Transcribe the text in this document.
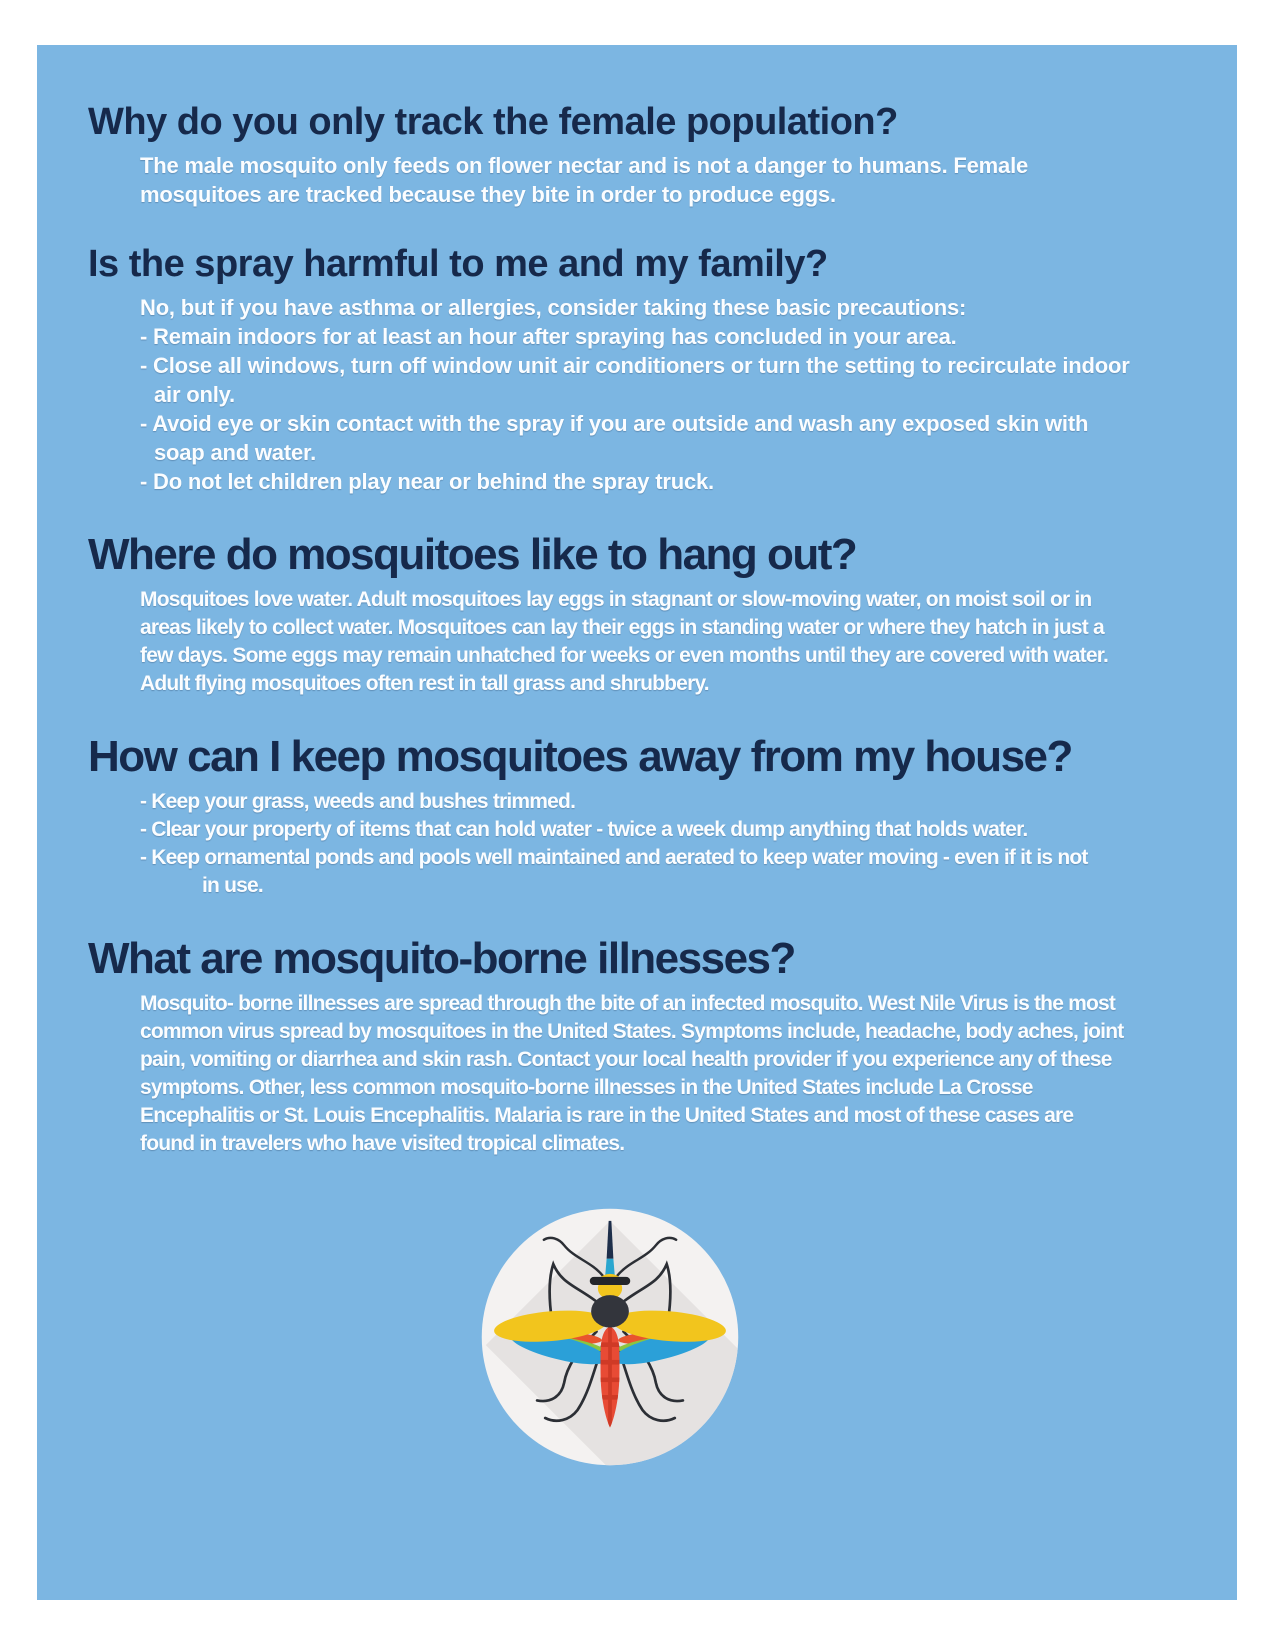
Why do you only track the female population?
The male mosquito only feeds on flower nectar and is not a danger to humans. Female mosquitoes are tracked because they bite in order to produce eggs.
Is the spray harmful to me and my family?
No, but if you have asthma or allergies, consider taking these basic precautions:
- Remain indoors for at least an hour after spraying has concluded in your area.
- Close all windows, turn off window unit air conditioners or turn the setting to recirculate indoor air only.
- Avoid eye or skin contact with the spray if you are outside and wash any exposed skin with soap and water.
- Do not let children play near or behind the spray truck.
Where do mosquitoes like to hang out?
Mosquitoes love water. Adult mosquitoes lay eggs in stagnant or slow-moving water, on moist soil or in areas likely to collect water. Mosquitoes can lay their eggs in standing water or where they hatch in just a few days. Some eggs may remain unhatched for weeks or even months until they are covered with water. Adult flying mosquitoes often rest in tall grass and shrubbery.
How can I keep mosquitoes away from my house?
- Keep your grass, weeds and bushes trimmed.
- Clear your property of items that can hold water - twice a week dump anything that holds water.
- Keep ornamental ponds and pools well maintained and aerated to keep water moving - even if it is not
in use.
What are mosquito-borne illnesses?
Mosquito- borne illnesses are spread through the bite of an infected mosquito. West Nile Virus is the most common virus spread by mosquitoes in the United States. Symptoms include, headache, body aches, joint pain, vomiting or diarrhea and skin rash. Contact your local health provider if you experience any of these symptoms. Other, less common mosquito-borne illnesses in the United States include La Crosse Encephalitis or St. Louis Encephalitis. Malaria is rare in the United States and most of these cases are found in travelers who have visited tropical climates.
